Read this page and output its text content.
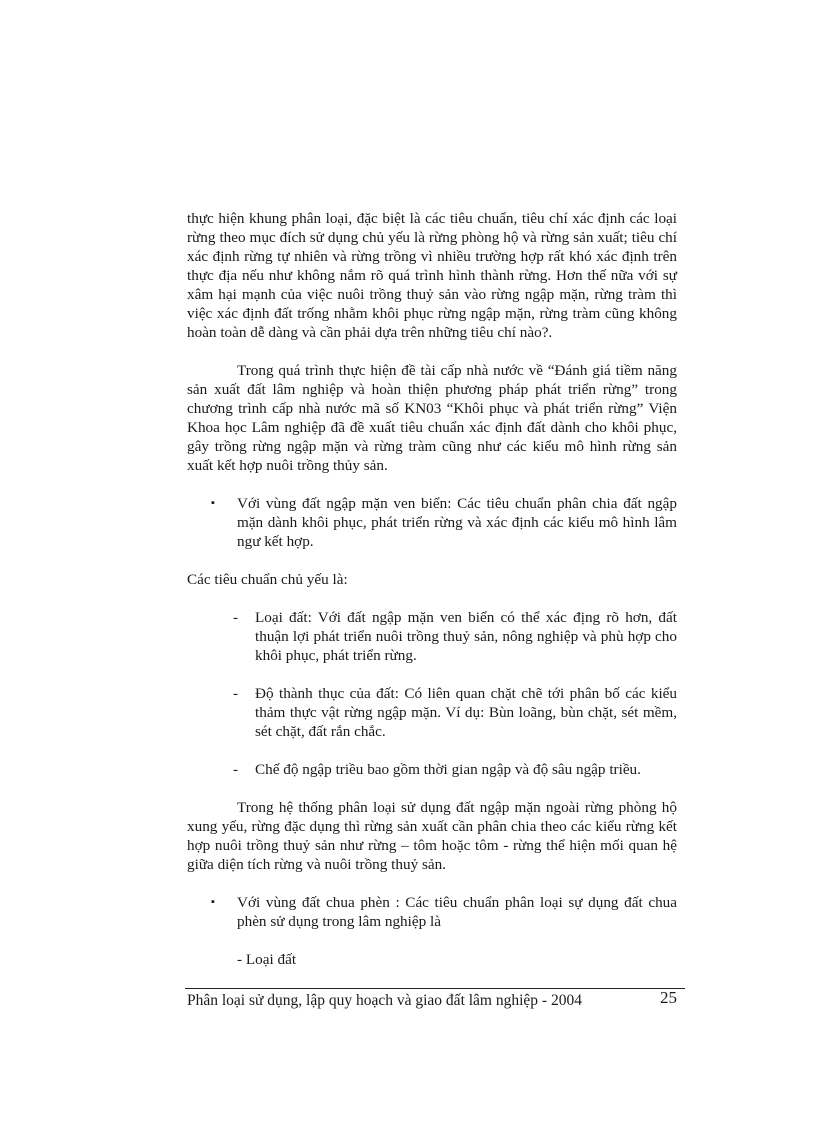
thực hiện khung phân loại, đặc biệt là các tiêu chuẩn, tiêu chí xác định các loại rừng theo mục đích sử dụng chủ yếu là rừng phòng hộ và rừng sản xuất; tiêu chí xác định rừng tự nhiên và rừng trồng vì nhiều trường hợp rất khó xác định trên thực địa nếu như không nắm rõ quá trình hình thành rừng. Hơn thế nữa với sự xâm hại mạnh của việc nuôi trồng thuỷ sản vào rừng ngập mặn, rừng tràm thì việc xác định đất trống nhằm khôi phục rừng ngập mặn, rừng tràm cũng không hoàn toàn dễ dàng và cần phải dựa trên những tiêu chí nào?.

Trong quá trình thực hiện đề tài cấp nhà nước về “Đánh giá tiềm năng sản xuất đất lâm nghiệp và hoàn thiện phương pháp phát triển rừng” trong chương trình cấp nhà nước mã số KN03 “Khôi phục và phát triển rừng” Viện Khoa học Lâm nghiệp đã đề xuất tiêu chuẩn xác định đất dành cho khôi phục, gây trồng rừng ngập mặn và rừng tràm cũng như các kiểu mô hình rừng sản xuất kết hợp nuôi trồng thủy sản.

▪ Với vùng đất ngập mặn ven biển: Các tiêu chuẩn phân chia đất ngập mặn dành khôi phục, phát triển rừng và xác định các kiểu mô hình lâm ngư kết hợp.

Các tiêu chuẩn chủ yếu là:

- Loại đất: Với đất ngập mặn ven biển có thể xác địng rõ hơn, đất thuận lợi phát triển nuôi trồng thuỷ sản, nông nghiệp và phù hợp cho khôi phục, phát triển rừng.

- Độ thành thục của đất: Có liên quan chặt chẽ tới phân bố các kiểu thảm thực vật rừng ngập mặn. Ví dụ: Bùn loãng, bùn chặt, sét mềm, sét chặt, đất rắn chắc.

- Chế độ ngập triều bao gồm thời gian ngập và độ sâu ngập triều.

Trong hệ thống phân loại sử dụng đất ngập mặn ngoài rừng phòng hộ xung yếu, rừng đặc dụng thì rừng sản xuất cần phân chia theo các kiểu rừng kết hợp nuôi trồng thuỷ sản như rừng – tôm hoặc tôm - rừng thể hiện mối quan hệ giữa diện tích rừng và nuôi trồng thuỷ sản.

▪ Với vùng đất chua phèn : Các tiêu chuẩn phân loại sự dụng đất chua phèn sử dụng trong lâm nghiệp là

- Loại đất

Phân loại sử dụng, lập quy hoạch và giao đất lâm nghiệp - 2004	25
